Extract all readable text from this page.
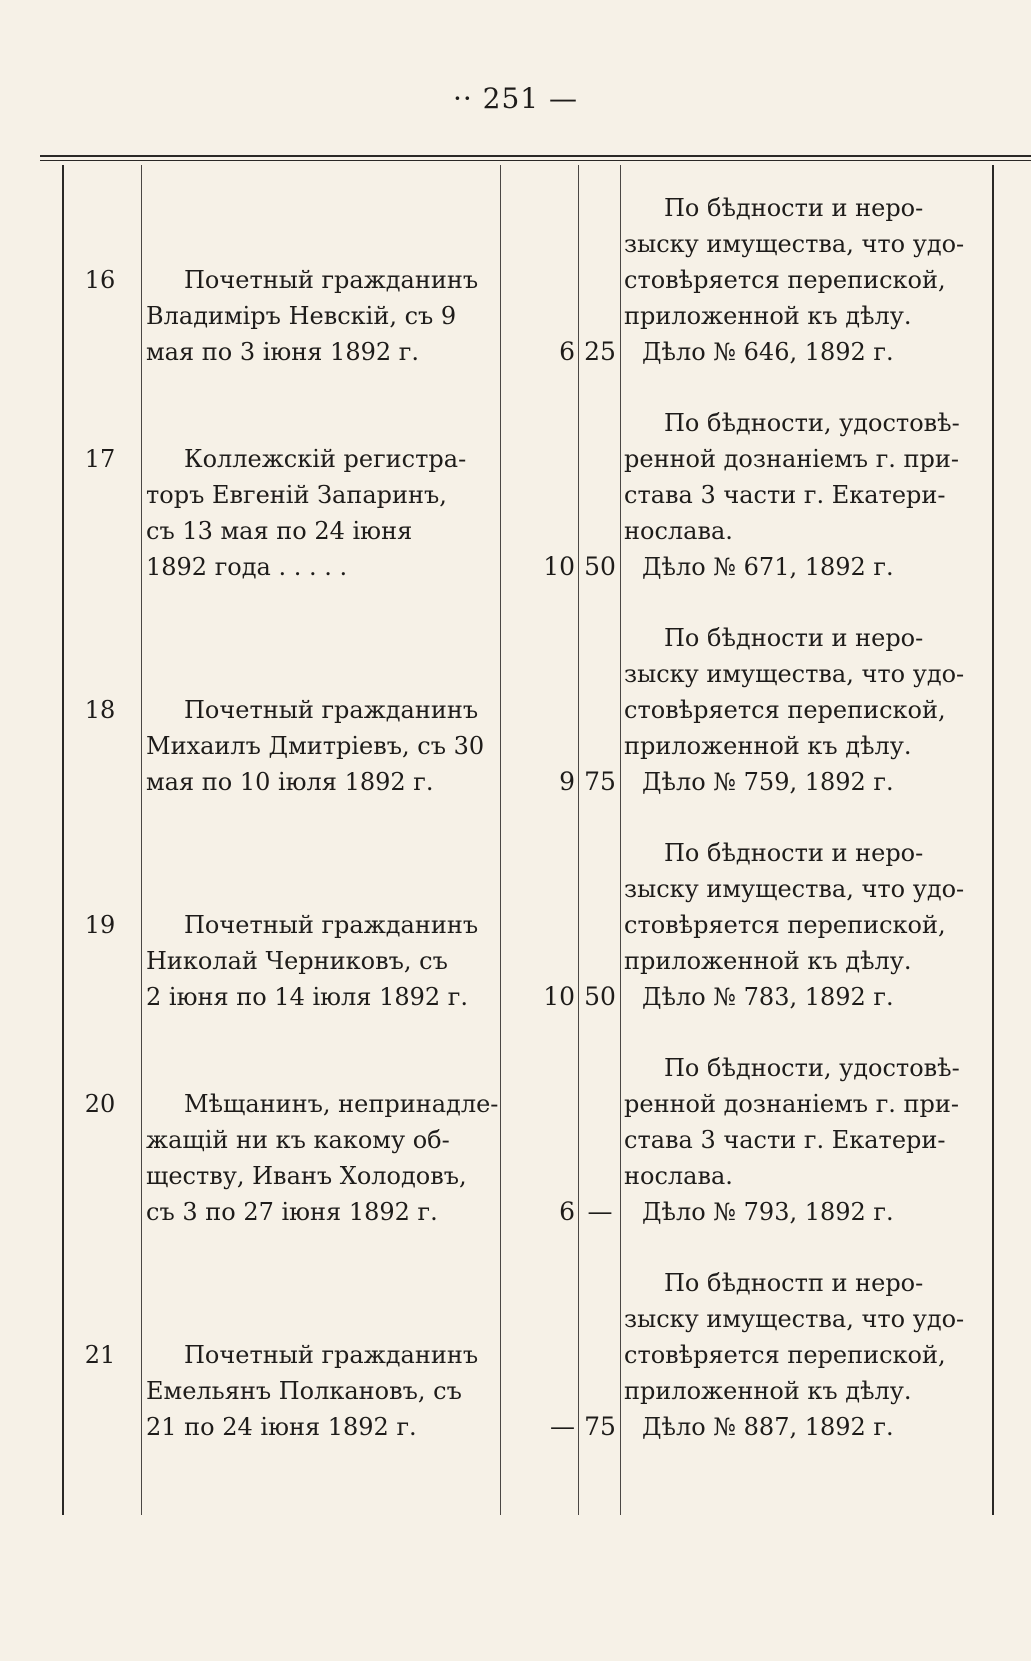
·· 251 —
16	Почетный гражданинъ
Владиміръ Невскій, съ 9
мая по 3 іюня 1892 г.	6 25
По бѣдности и неро-
зыску имущества, что удо-
стовѣряется перепиской,
приложенной къ дѣлу.
Дѣло № 646, 1892 г.
17	Коллежскій регистра-
торъ Евгеній Запаринъ,
съ 13 мая по 24 іюня
1892 года . . . . .	10 50
По бѣдности, удостовѣ-
ренной дознаніемъ г. при-
става 3 части г. Екатери-
нослава.
Дѣло № 671, 1892 г.
18	Почетный гражданинъ
Михаилъ Дмитріевъ, съ 30
мая по 10 іюля 1892 г.	9 75
По бѣдности и неро-
зыску имущества, что удо-
стовѣряется перепиской,
приложенной къ дѣлу.
Дѣло № 759, 1892 г.
19	Почетный гражданинъ
Николай Черниковъ, съ
2 іюня по 14 іюля 1892 г.	10 50
По бѣдности и неро-
зыску имущества, что удо-
стовѣряется перепиской,
приложенной къ дѣлу.
Дѣло № 783, 1892 г.
20	Мѣщанинъ, непринадле-
жащій ни къ какому об-
ществу, Иванъ Холодовъ,
съ 3 по 27 іюня 1892 г.	6 —
По бѣдности, удостовѣ-
ренной дознаніемъ г. при-
става 3 части г. Екатери-
нослава.
Дѣло № 793, 1892 г.
21	Почетный гражданинъ
Емельянъ Полкановъ, съ
21 по 24 іюня 1892 г.	— 75
По бѣдностп и неро-
зыску имущества, что удо-
стовѣряется перепиской,
приложенной къ дѣлу.
Дѣло № 887, 1892 г.
